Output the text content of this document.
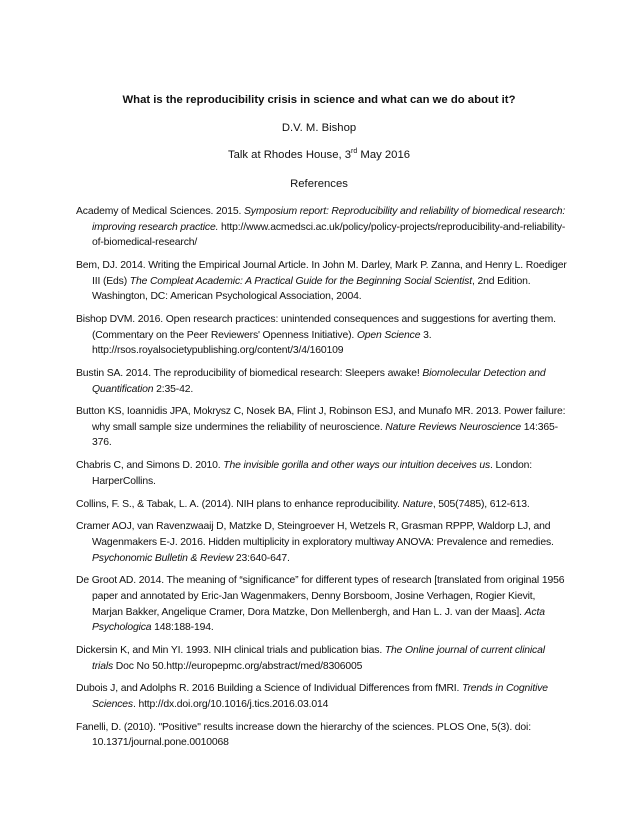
What is the reproducibility crisis in science and what can we do about it?
D.V. M. Bishop
Talk at Rhodes House, 3rd May 2016
References

Academy of Medical Sciences. 2015. Symposium report: Reproducibility and reliability of biomedical research: improving research practice. http://www.acmedsci.ac.uk/policy/policy-projects/reproducibility-and-reliability-of-biomedical-research/

Bem, DJ. 2014. Writing the Empirical Journal Article. In John M. Darley, Mark P. Zanna, and Henry L. Roediger III (Eds) The Compleat Academic: A Practical Guide for the Beginning Social Scientist, 2nd Edition. Washington, DC: American Psychological Association, 2004.

Bishop DVM. 2016. Open research practices: unintended consequences and suggestions for averting them. (Commentary on the Peer Reviewers' Openness Initiative). Open Science 3. http://rsos.royalsocietypublishing.org/content/3/4/160109

Bustin SA. 2014. The reproducibility of biomedical research: Sleepers awake! Biomolecular Detection and Quantification 2:35-42.

Button KS, Ioannidis JPA, Mokrysz C, Nosek BA, Flint J, Robinson ESJ, and Munafo MR. 2013. Power failure: why small sample size undermines the reliability of neuroscience. Nature Reviews Neuroscience 14:365-376.

Chabris C, and Simons D. 2010. The invisible gorilla and other ways our intuition deceives us. London: HarperCollins.

Collins, F. S., & Tabak, L. A. (2014). NIH plans to enhance reproducibility. Nature, 505(7485), 612-613.

Cramer AOJ, van Ravenzwaaij D, Matzke D, Steingroever H, Wetzels R, Grasman RPPP, Waldorp LJ, and Wagenmakers E-J. 2016. Hidden multiplicity in exploratory multiway ANOVA: Prevalence and remedies. Psychonomic Bulletin & Review 23:640-647.

De Groot AD. 2014. The meaning of “significance” for different types of research [translated from original 1956 paper and annotated by Eric-Jan Wagenmakers, Denny Borsboom, Josine Verhagen, Rogier Kievit, Marjan Bakker, Angelique Cramer, Dora Matzke, Don Mellenbergh, and Han L. J. van der Maas]. Acta Psychologica 148:188-194.

Dickersin K, and Min YI. 1993. NIH clinical trials and publication bias. The Online journal of current clinical trials Doc No 50.http://europepmc.org/abstract/med/8306005

Dubois J, and Adolphs R. 2016 Building a Science of Individual Differences from fMRI. Trends in Cognitive Sciences. http://dx.doi.org/10.1016/j.tics.2016.03.014

Fanelli, D. (2010). "Positive" results increase down the hierarchy of the sciences. PLOS One, 5(3). doi: 10.1371/journal.pone.0010068
